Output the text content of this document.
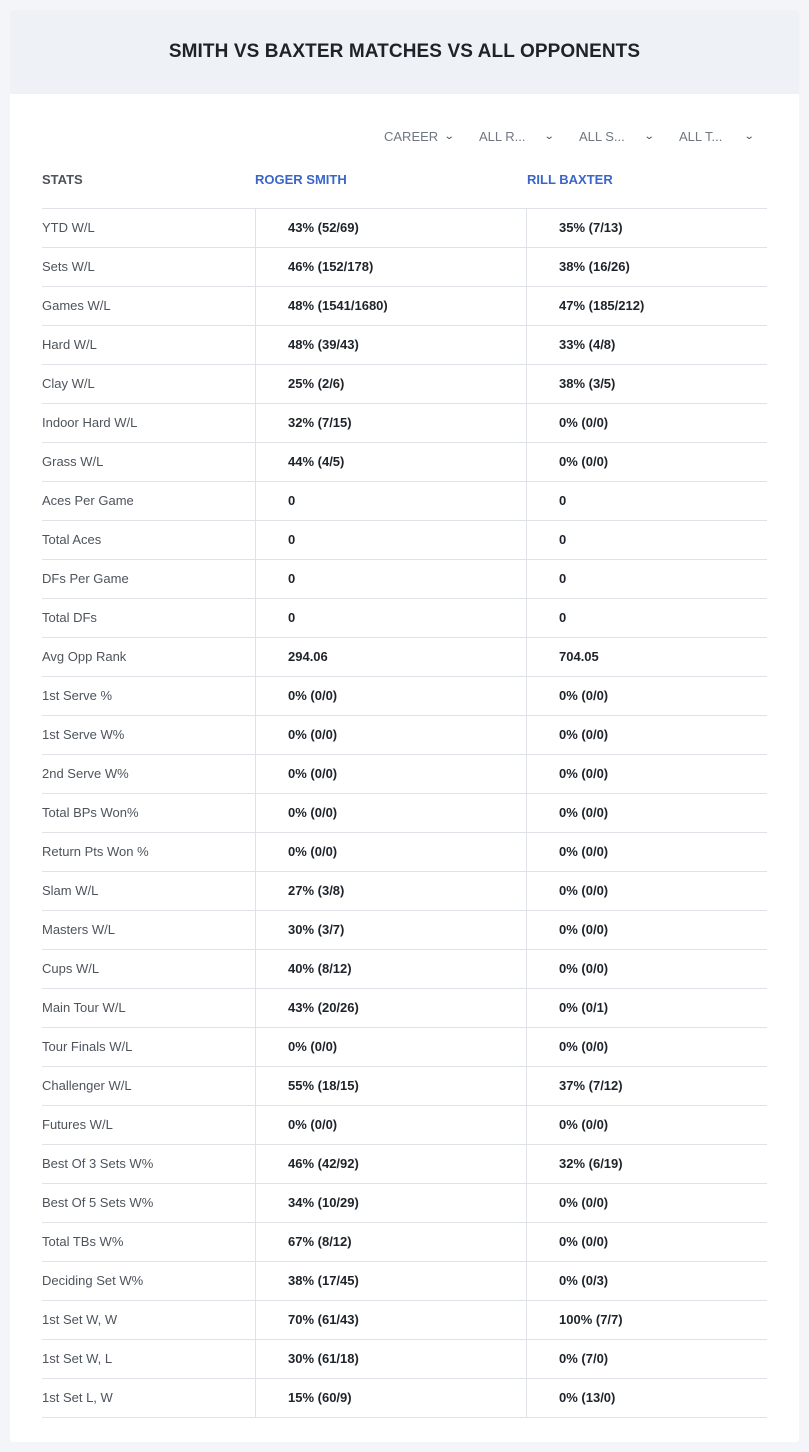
SMITH VS BAXTER MATCHES VS ALL OPPONENTS
CAREER ⌄ ALL R... ⌄ ALL S... ⌄ ALL T... ⌄
STATS	ROGER SMITH	RILL BAXTER
YTD W/L	43% (52/69)	35% (7/13)
Sets W/L	46% (152/178)	38% (16/26)
Games W/L	48% (1541/1680)	47% (185/212)
Hard W/L	48% (39/43)	33% (4/8)
Clay W/L	25% (2/6)	38% (3/5)
Indoor Hard W/L	32% (7/15)	0% (0/0)
Grass W/L	44% (4/5)	0% (0/0)
Aces Per Game	0	0
Total Aces	0	0
DFs Per Game	0	0
Total DFs	0	0
Avg Opp Rank	294.06	704.05
1st Serve %	0% (0/0)	0% (0/0)
1st Serve W%	0% (0/0)	0% (0/0)
2nd Serve W%	0% (0/0)	0% (0/0)
Total BPs Won%	0% (0/0)	0% (0/0)
Return Pts Won %	0% (0/0)	0% (0/0)
Slam W/L	27% (3/8)	0% (0/0)
Masters W/L	30% (3/7)	0% (0/0)
Cups W/L	40% (8/12)	0% (0/0)
Main Tour W/L	43% (20/26)	0% (0/1)
Tour Finals W/L	0% (0/0)	0% (0/0)
Challenger W/L	55% (18/15)	37% (7/12)
Futures W/L	0% (0/0)	0% (0/0)
Best Of 3 Sets W%	46% (42/92)	32% (6/19)
Best Of 5 Sets W%	34% (10/29)	0% (0/0)
Total TBs W%	67% (8/12)	0% (0/0)
Deciding Set W%	38% (17/45)	0% (0/3)
1st Set W, W	70% (61/43)	100% (7/7)
1st Set W, L	30% (61/18)	0% (7/0)
1st Set L, W	15% (60/9)	0% (13/0)
